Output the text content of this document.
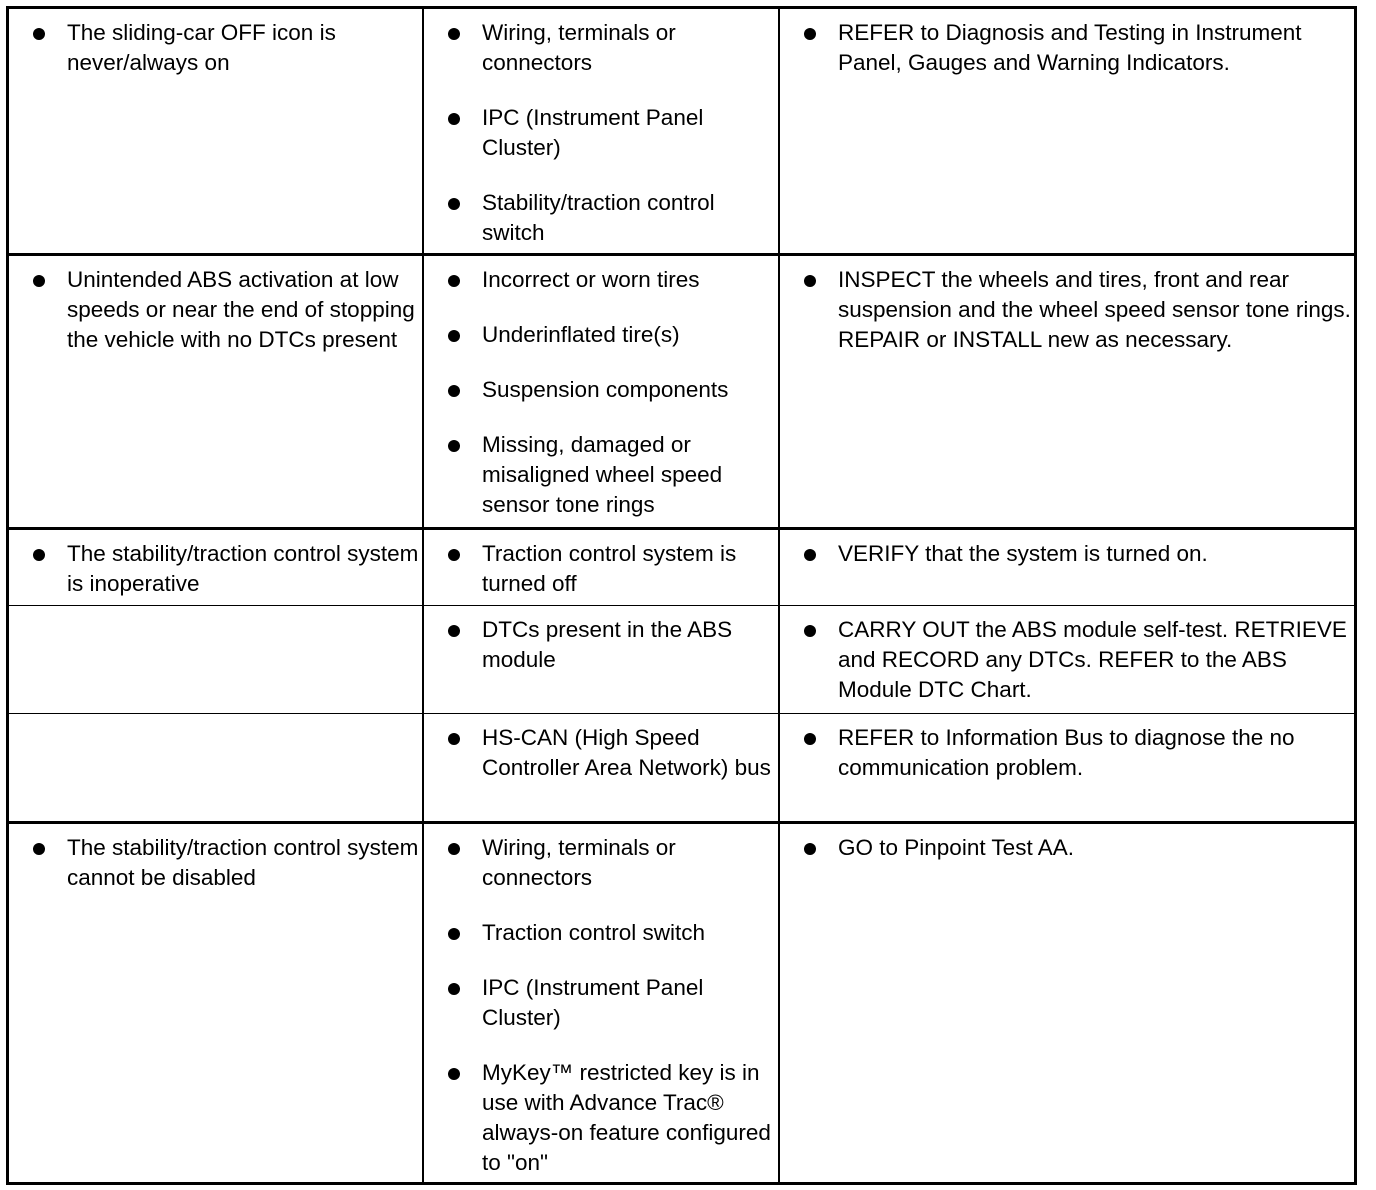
The sliding-car OFF icon is never/always on
Wiring, terminals or connectors
IPC (Instrument Panel Cluster)
Stability/traction control switch
REFER to Diagnosis and Testing in Instrument Panel, Gauges and Warning Indicators.
Unintended ABS activation at low speeds or near the end of stopping the vehicle with no DTCs present
Incorrect or worn tires
Underinflated tire(s)
Suspension components
Missing, damaged or misaligned wheel speed sensor tone rings
INSPECT the wheels and tires, front and rear suspension and the wheel speed sensor tone rings. REPAIR or INSTALL new as necessary.
The stability/traction control system is inoperative
Traction control system is turned off
VERIFY that the system is turned on.
DTCs present in the ABS module
CARRY OUT the ABS module self-test. RETRIEVE and RECORD any DTCs. REFER to the ABS Module DTC Chart.
HS-CAN (High Speed Controller Area Network) bus
REFER to Information Bus to diagnose the no communication problem.
The stability/traction control system cannot be disabled
Wiring, terminals or connectors
Traction control switch
IPC (Instrument Panel Cluster)
MyKey™ restricted key is in use with Advance Trac® always-on feature configured to "on"
GO to Pinpoint Test AA.
